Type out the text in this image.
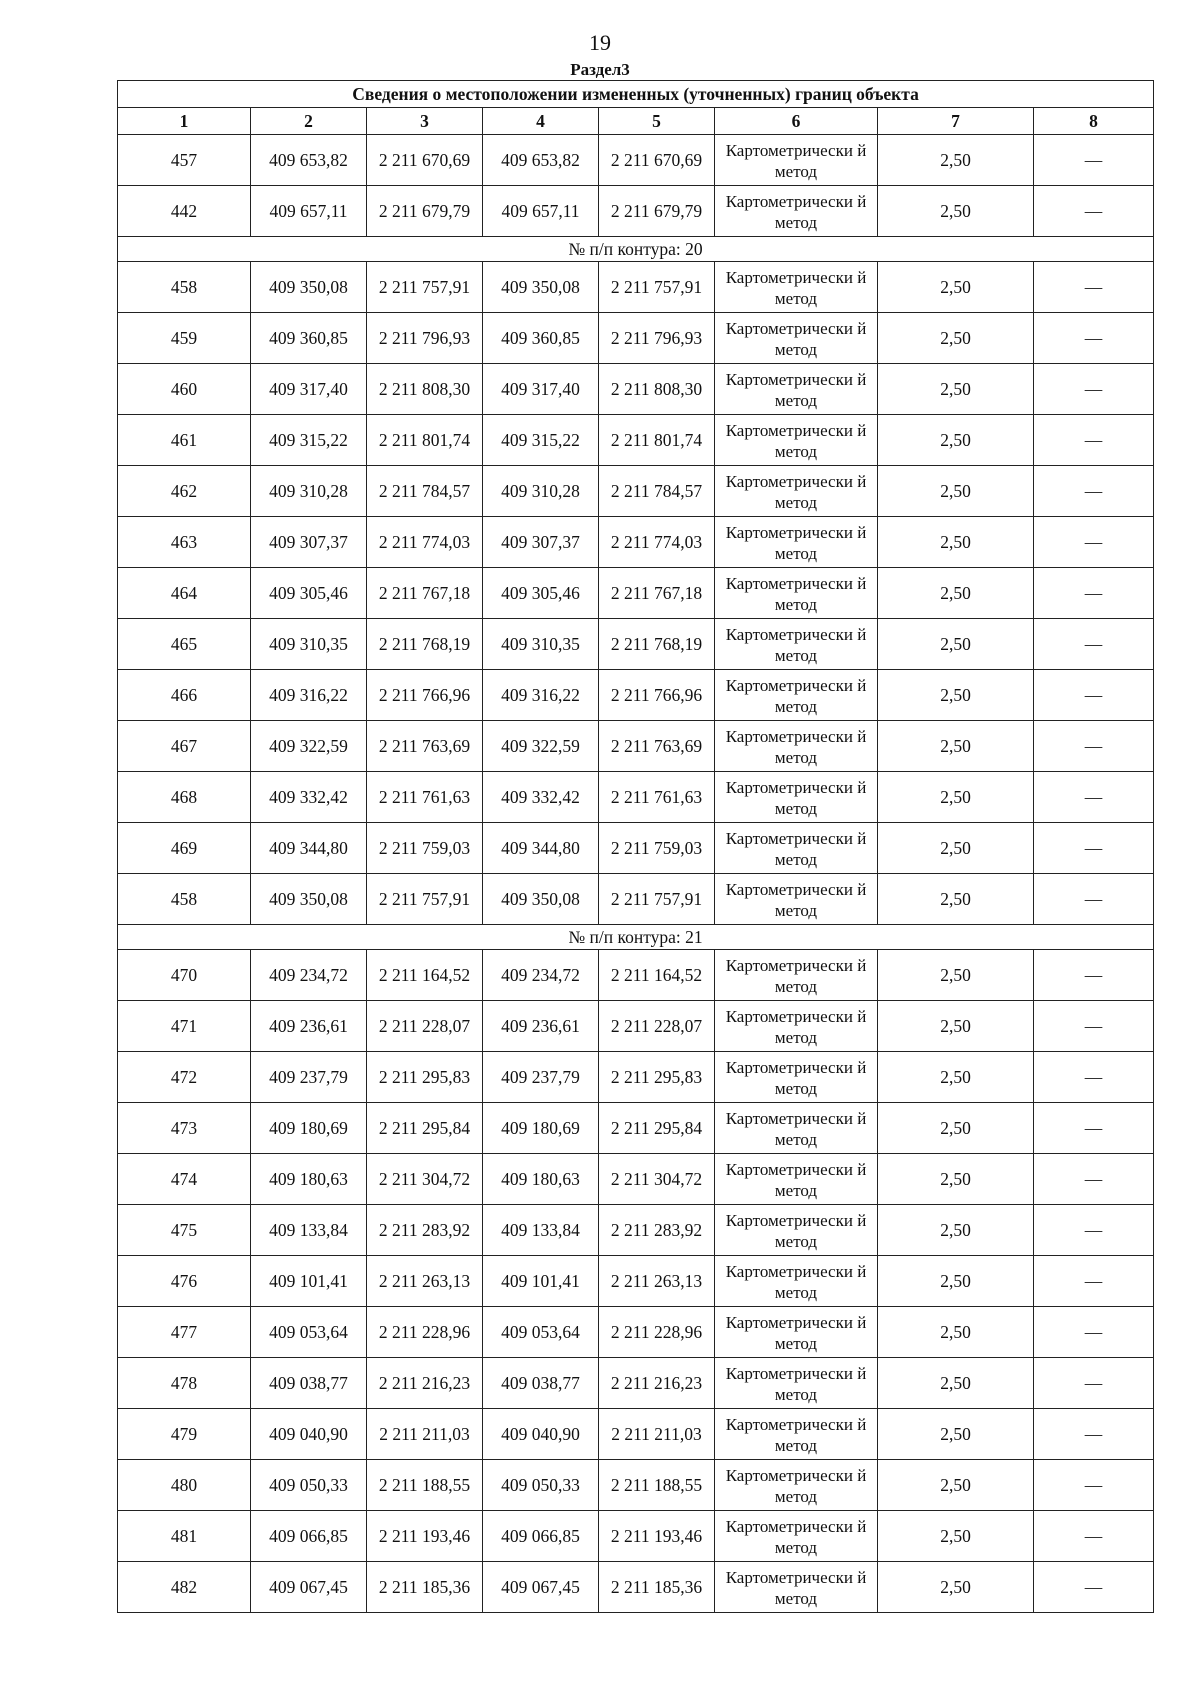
19
Раздел3
Сведения о местоположении измененных (уточненных) границ объекта							
1	2	3	4	5	6	7	8
457	409 653,82	2 211 670,69	409 653,82	2 211 670,69	Картометрически й метод	2,50	—
442	409 657,11	2 211 679,79	409 657,11	2 211 679,79	Картометрически й метод	2,50	—
№ п/п контура: 20							
458	409 350,08	2 211 757,91	409 350,08	2 211 757,91	Картометрически й метод	2,50	—
459	409 360,85	2 211 796,93	409 360,85	2 211 796,93	Картометрически й метод	2,50	—
460	409 317,40	2 211 808,30	409 317,40	2 211 808,30	Картометрически й метод	2,50	—
461	409 315,22	2 211 801,74	409 315,22	2 211 801,74	Картометрически й метод	2,50	—
462	409 310,28	2 211 784,57	409 310,28	2 211 784,57	Картометрически й метод	2,50	—
463	409 307,37	2 211 774,03	409 307,37	2 211 774,03	Картометрически й метод	2,50	—
464	409 305,46	2 211 767,18	409 305,46	2 211 767,18	Картометрически й метод	2,50	—
465	409 310,35	2 211 768,19	409 310,35	2 211 768,19	Картометрически й метод	2,50	—
466	409 316,22	2 211 766,96	409 316,22	2 211 766,96	Картометрически й метод	2,50	—
467	409 322,59	2 211 763,69	409 322,59	2 211 763,69	Картометрически й метод	2,50	—
468	409 332,42	2 211 761,63	409 332,42	2 211 761,63	Картометрически й метод	2,50	—
469	409 344,80	2 211 759,03	409 344,80	2 211 759,03	Картометрически й метод	2,50	—
458	409 350,08	2 211 757,91	409 350,08	2 211 757,91	Картометрически й метод	2,50	—
№ п/п контура: 21							
470	409 234,72	2 211 164,52	409 234,72	2 211 164,52	Картометрически й метод	2,50	—
471	409 236,61	2 211 228,07	409 236,61	2 211 228,07	Картометрически й метод	2,50	—
472	409 237,79	2 211 295,83	409 237,79	2 211 295,83	Картометрически й метод	2,50	—
473	409 180,69	2 211 295,84	409 180,69	2 211 295,84	Картометрически й метод	2,50	—
474	409 180,63	2 211 304,72	409 180,63	2 211 304,72	Картометрически й метод	2,50	—
475	409 133,84	2 211 283,92	409 133,84	2 211 283,92	Картометрически й метод	2,50	—
476	409 101,41	2 211 263,13	409 101,41	2 211 263,13	Картометрически й метод	2,50	—
477	409 053,64	2 211 228,96	409 053,64	2 211 228,96	Картометрически й метод	2,50	—
478	409 038,77	2 211 216,23	409 038,77	2 211 216,23	Картометрически й метод	2,50	—
479	409 040,90	2 211 211,03	409 040,90	2 211 211,03	Картометрически й метод	2,50	—
480	409 050,33	2 211 188,55	409 050,33	2 211 188,55	Картометрически й метод	2,50	—
481	409 066,85	2 211 193,46	409 066,85	2 211 193,46	Картометрически й метод	2,50	—
482	409 067,45	2 211 185,36	409 067,45	2 211 185,36	Картометрически й метод	2,50	—
